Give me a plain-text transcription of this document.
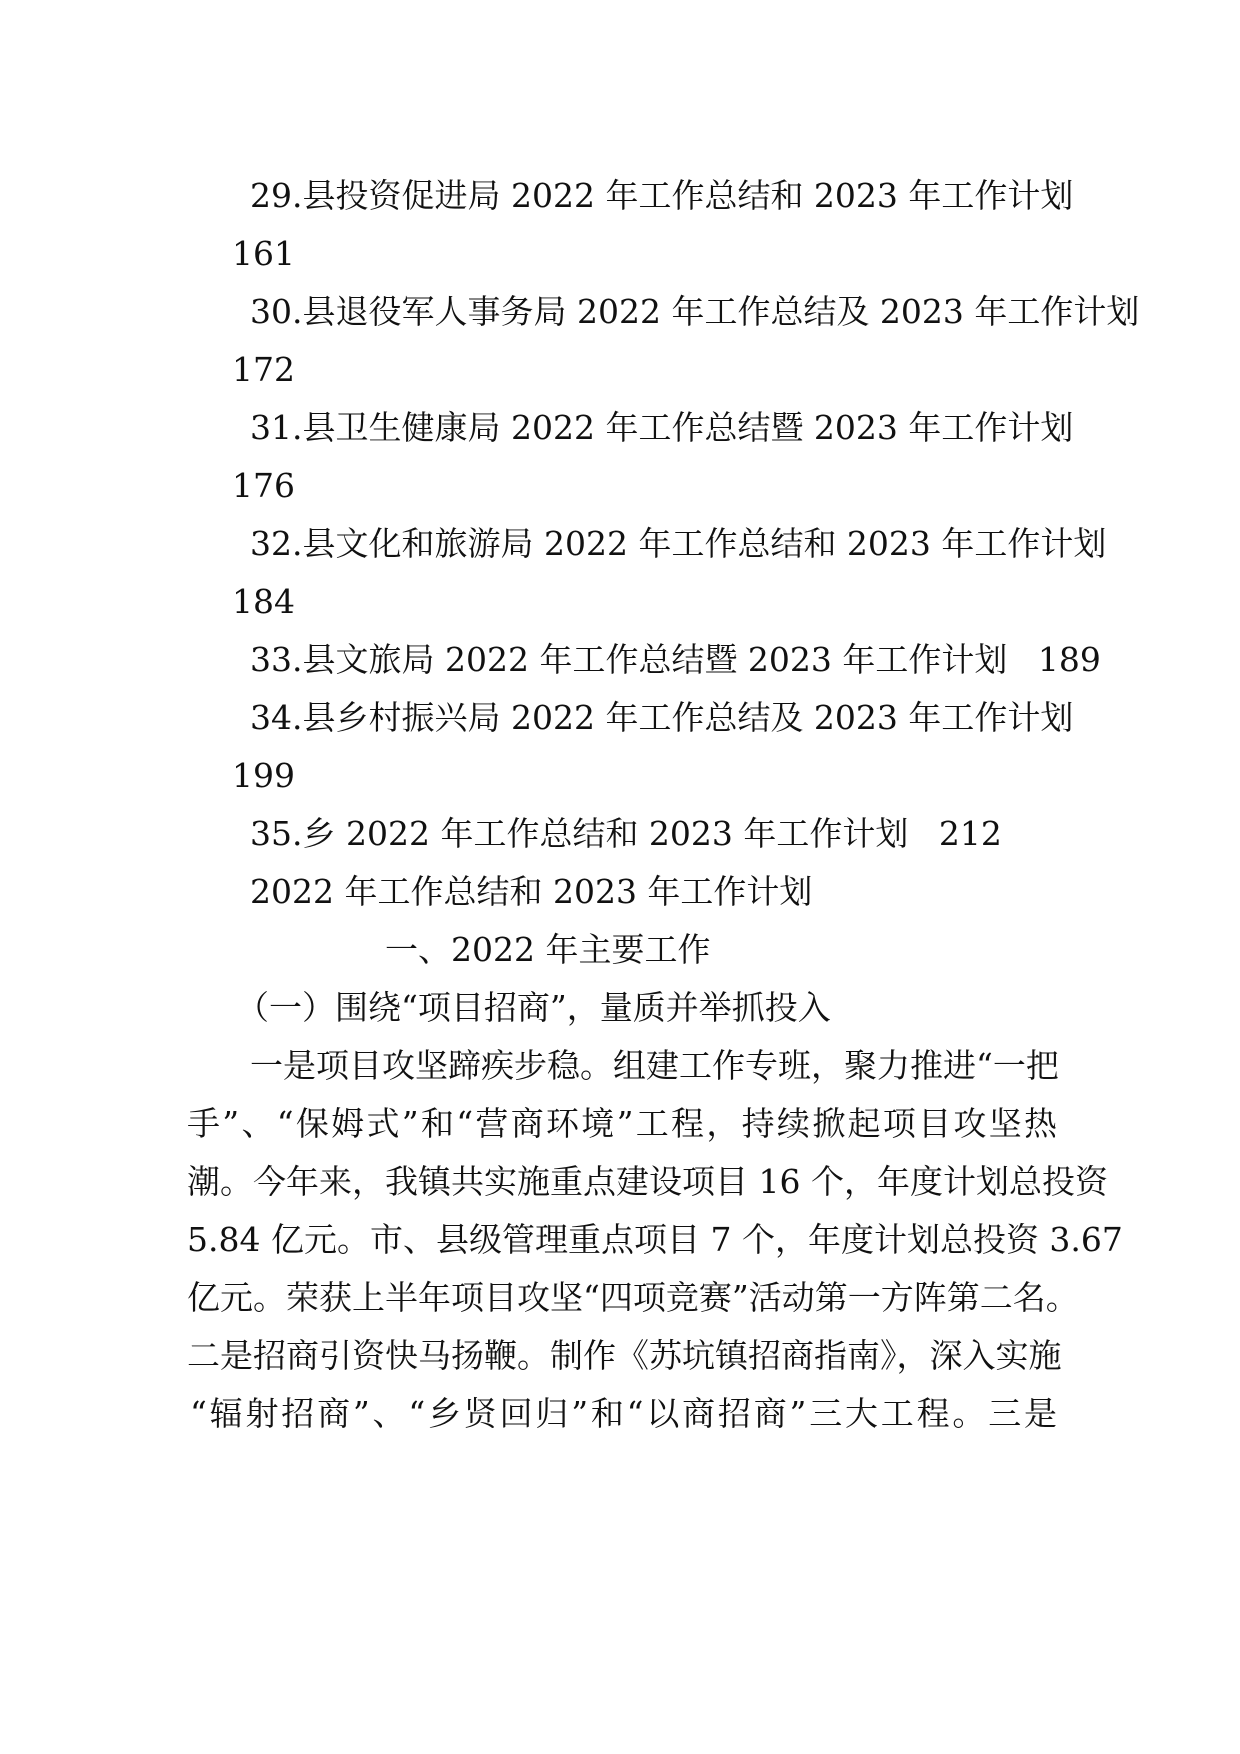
29.县投资促进局 2022 年工作总结和 2023 年工作计划
161
30.县退役军人事务局 2022 年工作总结及 2023 年工作计划
172
31.县卫生健康局 2022 年工作总结暨 2023 年工作计划
176
32.县文化和旅游局 2022 年工作总结和 2023 年工作计划
184
33.县文旅局 2022 年工作总结暨 2023 年工作计划 189
34.县乡村振兴局 2022 年工作总结及 2023 年工作计划
199
35.乡 2022 年工作总结和 2023 年工作计划 212
2022 年工作总结和 2023 年工作计划
一、2022 年主要工作
（一）围绕“项目招商”，量质并举抓投入
一是项目攻坚蹄疾步稳。组建工作专班，聚力推进“一把
手”、“保姆式”和“营商环境”工程，持续掀起项目攻坚热
潮。今年来，我镇共实施重点建设项目 16 个，年度计划总投资
5.84 亿元。市、县级管理重点项目 7 个，年度计划总投资 3.67
亿元。荣获上半年项目攻坚“四项竞赛”活动第一方阵第二名。
二是招商引资快马扬鞭。制作《苏坑镇招商指南》，深入实施
“辐射招商”、“乡贤回归”和“以商招商”三大工程。三是
